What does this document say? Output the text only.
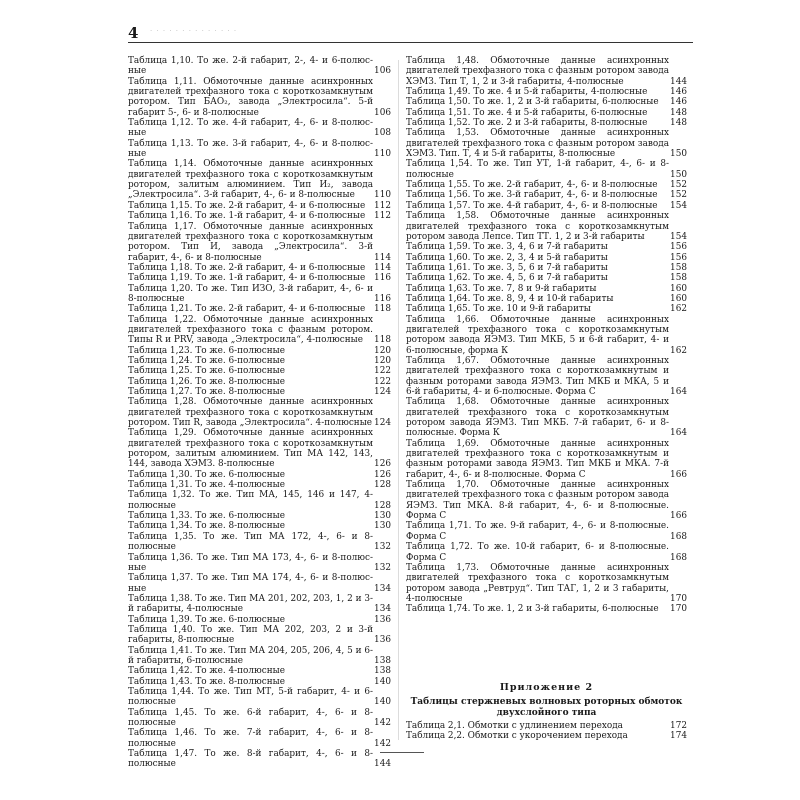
4 · · · · · · · · · · · · · ·
Таблица 1,10. То же. 2-й габарит, 2-, 4- и 6-полюсные	106
Таблица 1,11. Обмоточные данные асинхронных двигателей трехфазного тока с короткозамкнутым ротором. Тип БАО₂, завода „Электросила“. 5-й габарит 5-, 6- и 8-полюсные	106
Таблица 1,12. То же. 4-й габарит, 4-, 6- и 8-полюсные	108
Таблица 1,13. То же. 3-й габарит, 4-, 6- и 8-полюсные	110
Таблица 1,14. Обмоточные данные асинхронных двигателей трехфазного тока с короткозамкнутым ротором, залитым алюминием. Тип И₂, завода „Электросила“. 3-й габарит, 4-, 6- и 8-полюсные	110
Таблица 1,15. То же. 2-й габарит, 4- и 6-полюсные 112
Таблица 1,16. То же. 1-й габарит, 4- и 6-полюсные 112
Таблица 1,17. Обмоточные данные асинхронных двигателей трехфазного тока с короткозамкнутым ротором. Тип И, завода „Электросила“. 3-й габарит, 4-, 6- и 8-полюсные	114
Таблица 1,18. То же. 2-й габарит, 4- и 6-полюсные 114
Таблица 1,19. То же. 1-й габарит, 4- и 6-полюсные 116
Таблица 1,20. То же. Тип ИЗО, 3-й габарит, 4-, 6- и 8-полюсные	116
Таблица 1,21. То же. 2-й габарит, 4- и 6-полюсные 118
Таблица 1,22. Обмоточные данные асинхронных двигателей трехфазного тока с фазным ротором. Типы R и PRV, завода „Электросила“, 4-полюсные	118
Таблица 1,23. То же. 6-полюсные	120
Таблица 1,24. То же. 6-полюсные	120
Таблица 1,25. То же. 6-полюсные	122
Таблица 1,26. То же. 8-полюсные	122
Таблица 1,27. То же. 8-полюсные	124
Таблица 1,28. Обмоточные данные асинхронных двигателей трехфазного тока с короткозамкнутым ротором. Тип R, завода „Электросила“. 4-полюсные 124
Таблица 1,29. Обмоточные данные асинхронных двигателей трехфазного тока с короткозамкнутым ротором, залитым алюминием. Тип МА 142, 143, 144, завода ХЭМЗ. 8-полюсные	126
Таблица 1,30. То же. 6-полюсные	126
Таблица 1,31. То же. 4-полюсные	128
Таблица 1,32. То же. Тип МА, 145, 146 и 147, 4-полюсные	128
Таблица 1,33. То же. 6-полюсные	130
Таблица 1,34. То же. 8-полюсные	130
Таблица 1,35. То же. Тип МА 172, 4-, 6- и 8-полюсные	132
Таблица 1,36. То же. Тип МА 173, 4-, 6- и 8-полюсные	132
Таблица 1,37. То же. Тип МА 174, 4-, 6- и 8-полюсные	134
Таблица 1,38. То же. Тип МА 201, 202, 203, 1, 2 и 3-й габариты, 4-полюсные	134
Таблица 1,39. То же. 6-полюсные	136
Таблица 1,40. То же. Тип МА 202, 203, 2 и 3-й габариты, 8-полюсные	136
Таблица 1,41. То же. Тип МА 204, 205, 206, 4, 5 и 6-й габариты, 6-полюсные	138
Таблица 1,42. То же. 4-полюсные	138
Таблица 1,43. То же. 8-полюсные	140
Таблица 1,44. То же. Тип МТ, 5-й габарит, 4- и 6-полюсные	140
Таблица 1,45. То же. 6-й габарит, 4-, 6- и 8-полюсные	142
Таблица 1,46. То же. 7-й габарит, 4-, 6- и 8-полюсные	142
Таблица 1,47. То же. 8-й габарит, 4-, 6- и 8-полюсные	144
Таблица 1,48. Обмоточные данные асинхронных двигателей трехфазного тока с фазным ротором завода ХЭМЗ. Тип Т, 1, 2 и 3-й габариты, 4-полюсные	144
Таблица 1,49. То же. 4 и 5-й габариты, 4-полюсные	146
Таблица 1,50. То же. 1, 2 и 3-й габариты, 6-полюсные	146
Таблица 1,51. То же. 4 и 5-й габариты, 6-полюсные	148
Таблица 1,52. То же. 2 и 3-й габариты, 8-полюсные	148
Таблица 1,53. Обмоточные данные асинхронных двигателей трехфазного тока с фазным ротором завода ХЭМЗ. Тип. Т, 4 и 5-й габариты, 8-полюсные	150
Таблица 1,54. То же. Тип УТ, 1-й габарит, 4-, 6- и 8-полюсные	150
Таблица 1,55. То же. 2-й габарит, 4-, 6- и 8-полюсные	152
Таблица 1,56. То же. 3-й габарит, 4-, 6- и 8-полюсные	152
Таблица 1,57. То же. 4-й габарит, 4-, 6- и 8-полюсные	154
Таблица 1,58. Обмоточные данные асинхронных двигателей трехфазного тока с короткозамкнутым ротором завода Лепсе. Тип ТТ. 1, 2 и 3-й габариты	154
Таблица 1,59. То же. 3, 4, 6 и 7-й габариты	156
Таблица 1,60. То же. 2, 3, 4 и 5-й габариты	156
Таблица 1,61. То же. 3, 5, 6 и 7-й габариты	158
Таблица 1,62. То же. 4, 5, 6 и 7-й габариты	158
Таблица 1,63. То же. 7, 8 и 9-й габариты	160
Таблица 1,64. То же. 8, 9, 4 и 10-й габариты	160
Таблица 1,65. То же. 10 и 9-й габариты	162
Таблица 1,66. Обмоточные данные асинхронных двигателей трехфазного тока с короткозамкнутым ротором завода ЯЭМЗ. Тип МКБ, 5 и 6-й габарит, 4- и 6-полюсные, форма К	162
Таблица 1,67. Обмоточные данные асинхронных двигателей трехфазного тока с короткозамкнутым и фазным роторами завода ЯЭМЗ. Тип МКБ и МКА, 5 и 6-й габариты, 4- и 6-полюсные. Форма С	164
Таблица 1,68. Обмоточные данные асинхронных двигателей трехфазного тока с короткозамкнутым ротором завода ЯЭМЗ. Тип МКБ. 7-й габарит, 6- и 8-полюсные. Форма К	164
Таблица 1,69. Обмоточные данные асинхронных двигателей трехфазного тока с короткозамкнутым и фазным роторами завода ЯЭМЗ. Тип МКБ и МКА. 7-й габарит, 4-, 6- и 8-полюсные. Форма С	166
Таблица 1,70. Обмоточные данные асинхронных двигателей трехфазного тока с фазным ротором завода ЯЭМЗ. Тип МКА. 8-й габарит, 4-, 6- и 8-полюсные. Форма С	166
Таблица 1,71. То же. 9-й габарит, 4-, 6- и 8-полюсные. Форма С	168
Таблица 1,72. То же. 10-й габарит, 6- и 8-полюсные. Форма С	168
Таблица 1,73. Обмоточные данные асинхронных двигателей трехфазного тока с короткозамкнутым ротором завода „Ревтруд“. Тип ТАГ, 1, 2 и 3 габариты, 4-полюсные	170
Таблица 1,74. То же. 1, 2 и 3-й габариты, 6-полюсные	170
Приложение 2
Таблицы стержневых волновых роторных обмоток двухслойного типа
Таблица 2,1. Обмотки с удлинением перехода	172
Таблица 2,2. Обмотки с укорочением перехода	174
